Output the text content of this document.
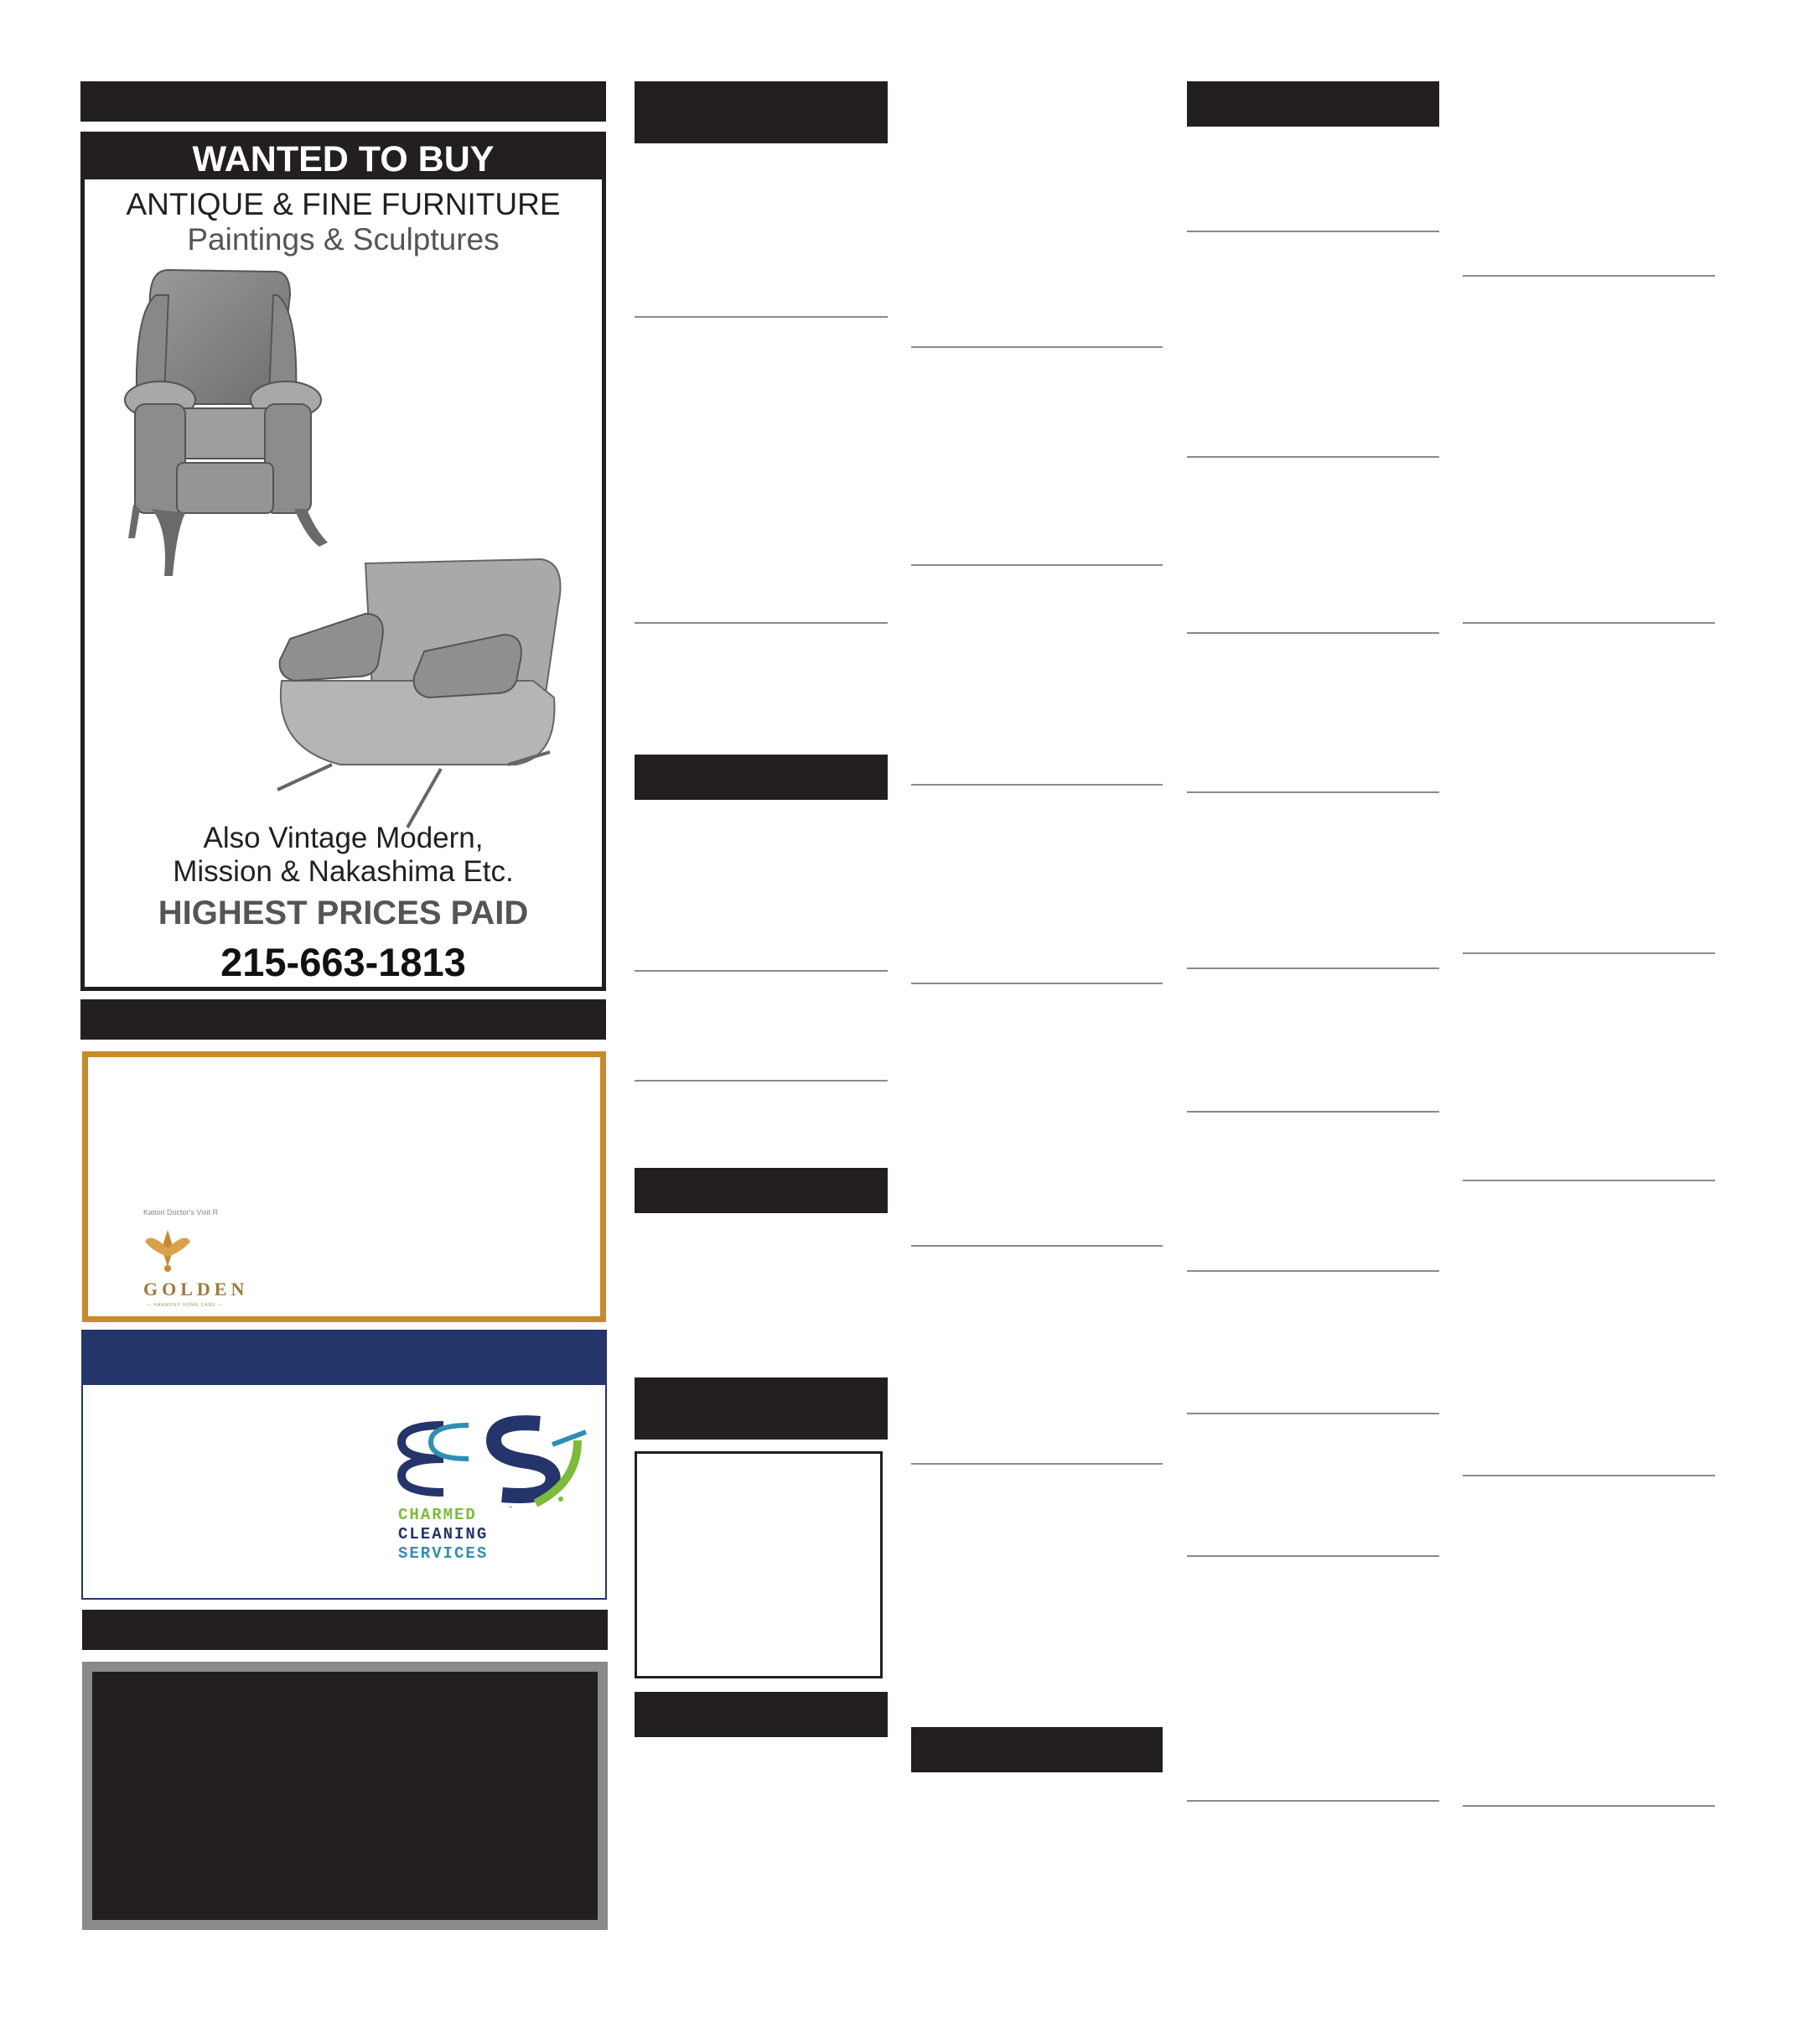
WANTED TO BUY
ANTIQUE & FINE FURNITURE
Paintings & Sculptures
Also Vintage Modern,
Mission & Nakashima Etc.
HIGHEST PRICES PAID
215-663-1813
Kation Doctor's Visit R
GOLDEN
— HARMONY HOME CARE —
CHARMED
CLEANING
SERVICES
